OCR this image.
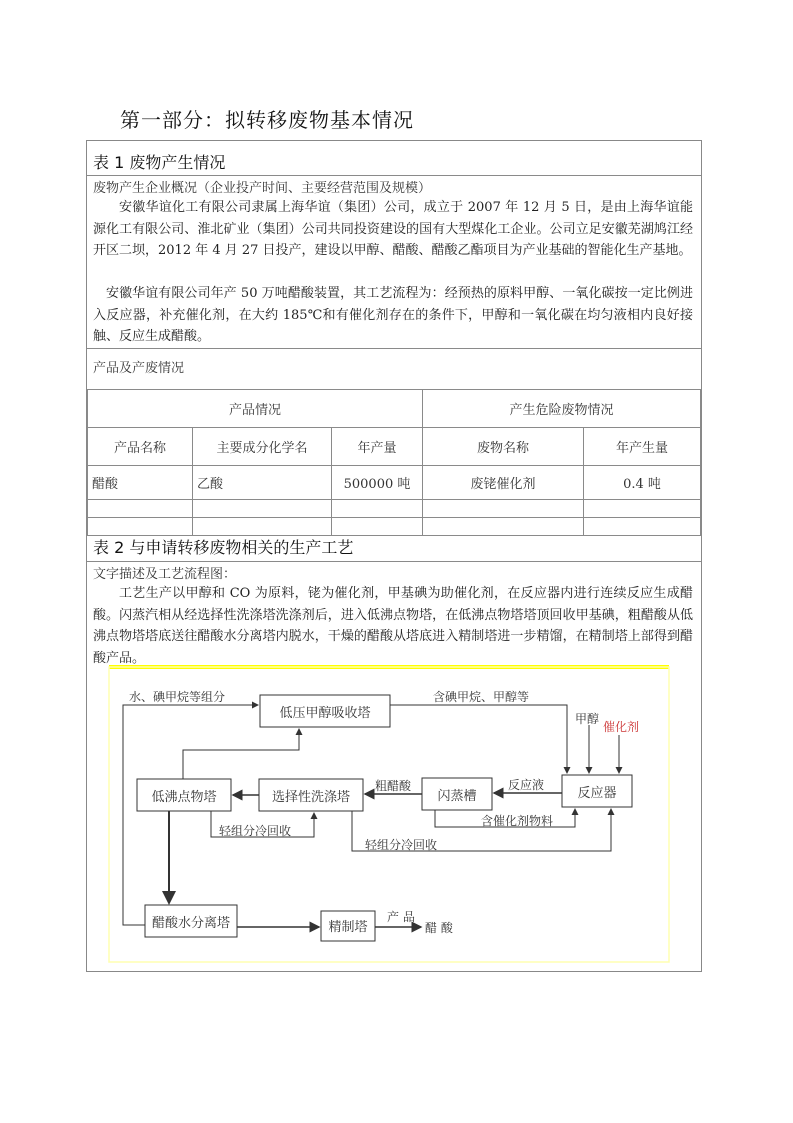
第一部分：拟转移废物基本情况
表 1 废物产生情况
废物产生企业概况（企业投产时间、主要经营范围及规模）
安徽华谊化工有限公司隶属上海华谊（集团）公司，成立于 2007 年 12 月 5 日，是由上海华谊能源化工有限公司、淮北矿业（集团）公司共同投资建设的国有大型煤化工企业。公司立足安徽芜湖鸠江经开区二坝，2012 年 4 月 27 日投产，建设以甲醇、醋酸、醋酸乙酯项目为产业基础的智能化生产基地。
安徽华谊有限公司年产 50 万吨醋酸装置，其工艺流程为：经预热的原料甲醇、一氧化碳按一定比例进入反应器，补充催化剂，在大约 185℃和有催化剂存在的条件下，甲醇和一氧化碳在均匀液相内良好接触、反应生成醋酸。
产品及产废情况
产品情况			产生危险废物情况	
产品名称	主要成分化学名	年产量	废物名称	年产生量
醋酸	乙酸	500000 吨	废铑催化剂	0.4 吨

表 2 与申请转移废物相关的生产工艺
文字描述及工艺流程图：
工艺生产以甲醇和 CO 为原料，铑为催化剂，甲基碘为助催化剂，在反应器内进行连续反应生成醋酸。闪蒸汽相从经选择性洗涤塔洗涤剂后，进入低沸点物塔，在低沸点物塔塔顶回收甲基碘，粗醋酸从低沸点物塔塔底送往醋酸水分离塔内脱水，干燥的醋酸从塔底进入精制塔进一步精馏，在精制塔上部得到醋酸产品。
低压甲醇吸收塔
低沸点物塔	选择性洗涤塔	闪蒸槽	反应器
醋酸水分离塔	精制塔
水、碘甲烷等组分	含碘甲烷、甲醇等
甲醇
催化剂
粗醋酸	反应液
含催化剂物料
轻组分冷回收
轻组分冷回收
产 品
醋 酸
